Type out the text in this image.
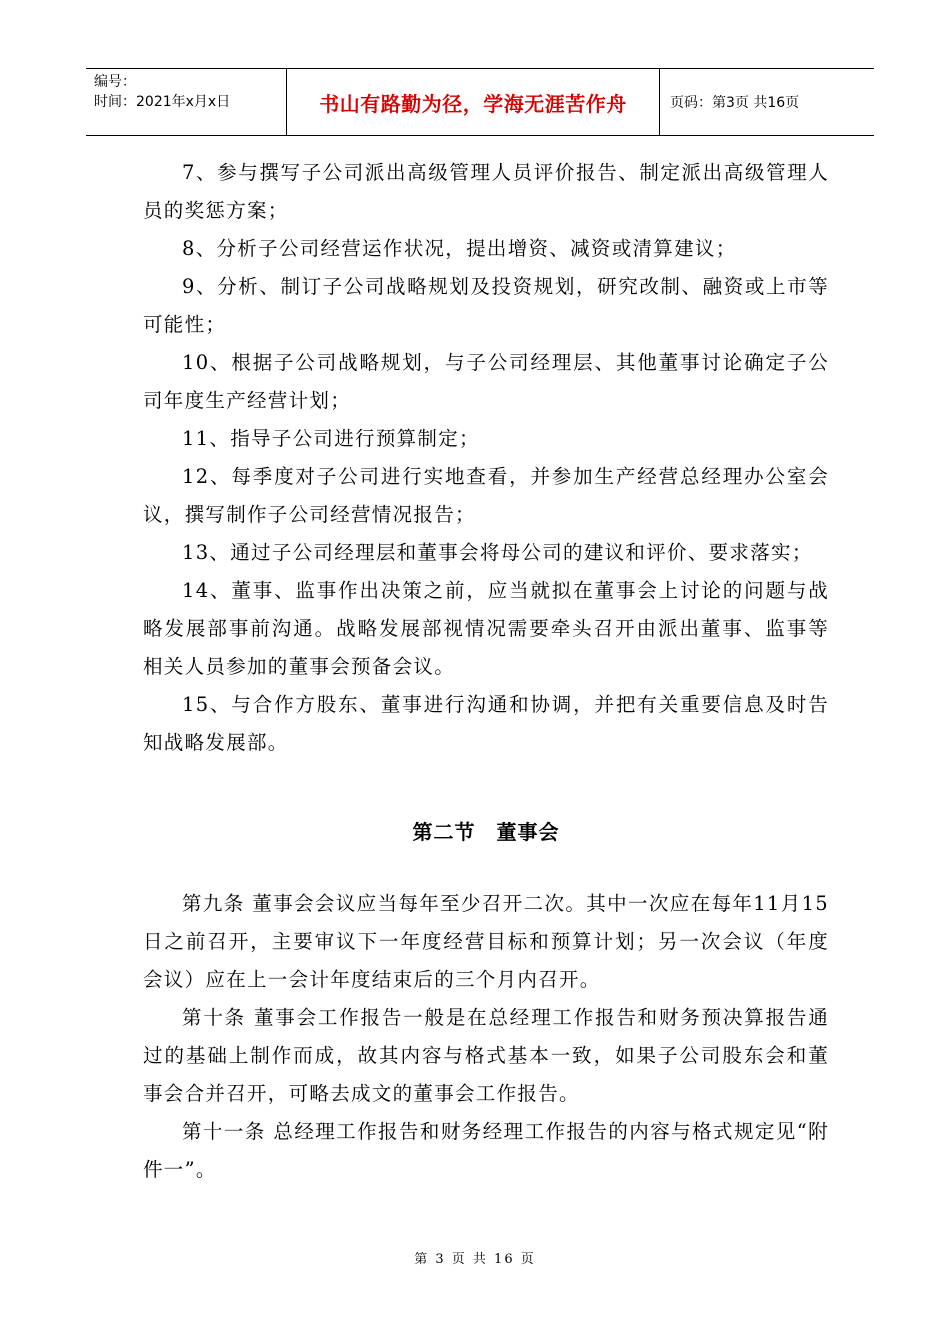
编号：
时间：2021年x月x日	书山有路勤为径，学海无涯苦作舟	页码：第3页 共16页

7、参与撰写子公司派出高级管理人员评价报告、制定派出高级管理人员的奖惩方案；

8、分析子公司经营运作状况，提出增资、减资或清算建议；

9、分析、制订子公司战略规划及投资规划，研究改制、融资或上市等可能性；

10、根据子公司战略规划，与子公司经理层、其他董事讨论确定子公司年度生产经营计划；

11、指导子公司进行预算制定；

12、每季度对子公司进行实地查看，并参加生产经营总经理办公室会议，撰写制作子公司经营情况报告；

13、通过子公司经理层和董事会将母公司的建议和评价、要求落实；

14、董事、监事作出决策之前，应当就拟在董事会上讨论的问题与战略发展部事前沟通。战略发展部视情况需要牵头召开由派出董事、监事等相关人员参加的董事会预备会议。

15、与合作方股东、董事进行沟通和协调，并把有关重要信息及时告知战略发展部。

第二节　董事会

第九条 董事会会议应当每年至少召开二次。其中一次应在每年11月15日之前召开，主要审议下一年度经营目标和预算计划；另一次会议（年度会议）应在上一会计年度结束后的三个月内召开。

第十条 董事会工作报告一般是在总经理工作报告和财务预决算报告通过的基础上制作而成，故其内容与格式基本一致，如果子公司股东会和董事会合并召开，可略去成文的董事会工作报告。

第十一条 总经理工作报告和财务经理工作报告的内容与格式规定见“附件一”。

第 3 页 共 16 页
